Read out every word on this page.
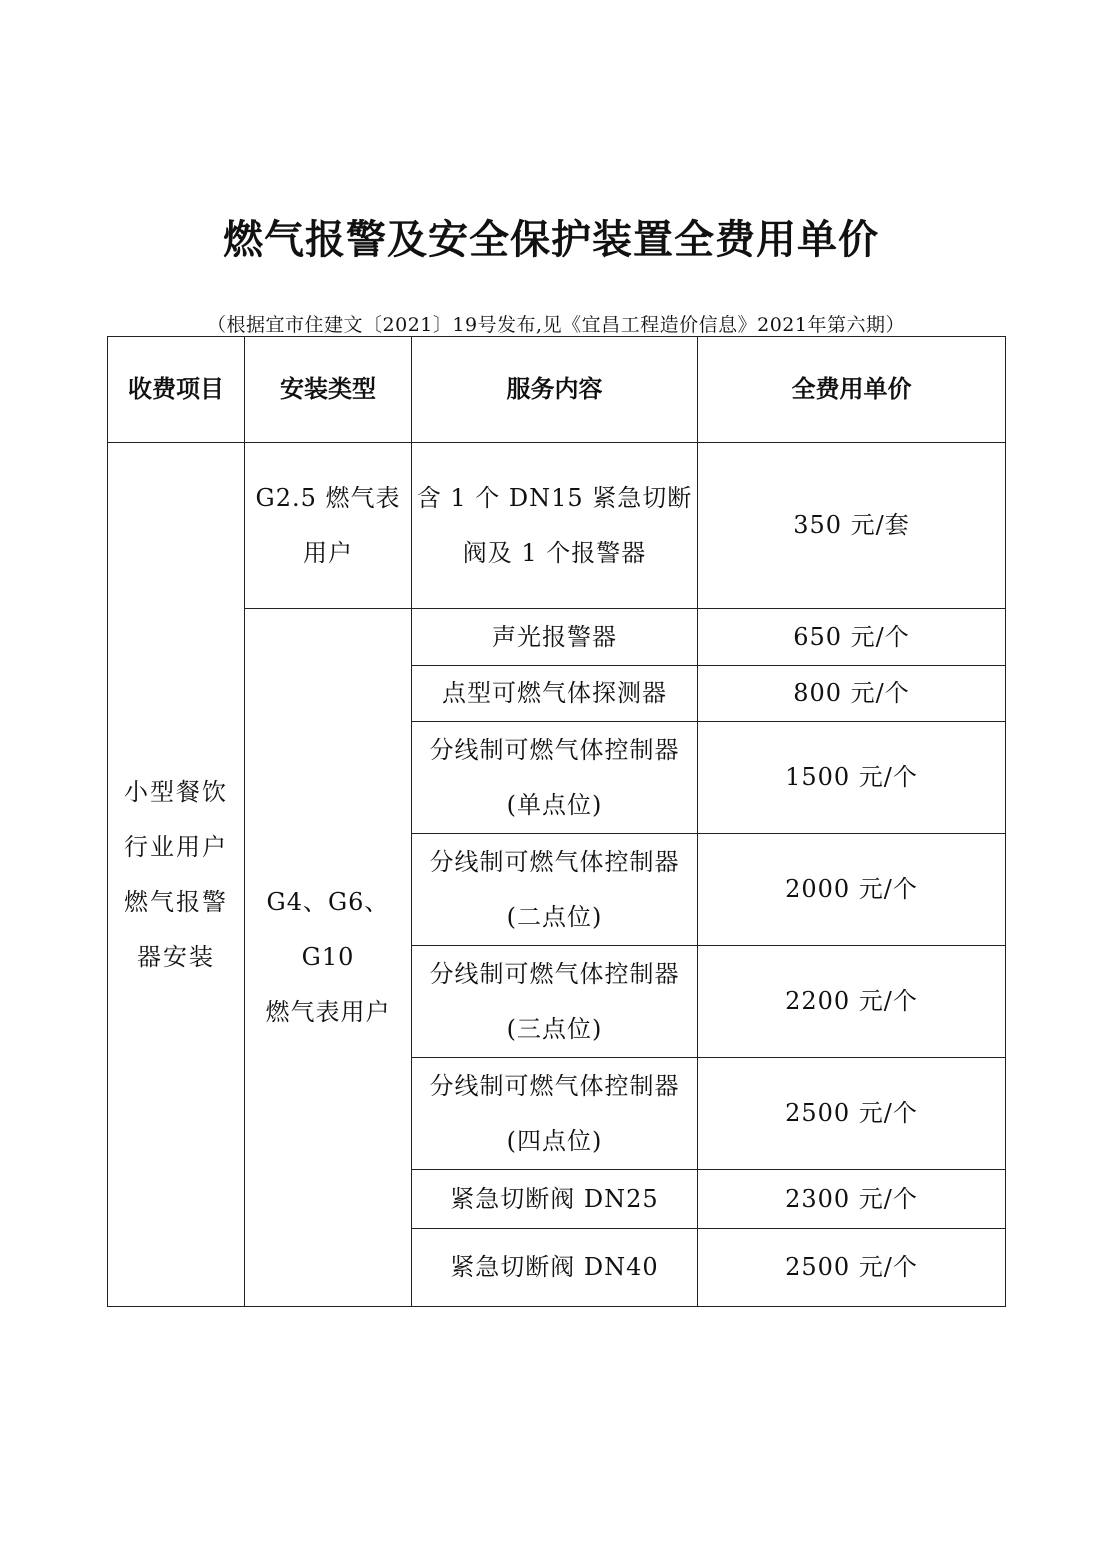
燃气报警及安全保护装置全费用单价
（根据宜市住建文〔2021〕19号发布,见《宜昌工程造价信息》2021年第六期）
收费项目	安装类型	服务内容	全费用单价
小型餐饮
行业用户
燃气报警
器安装	G2.5 燃气表
用户	含 1 个 DN15 紧急切断
阀及 1 个报警器	350 元/套
	G4、G6、G10
燃气表用户	声光报警器	650 元/个
		点型可燃气体探测器	800 元/个
		分线制可燃气体控制器
(单点位)	1500 元/个
		分线制可燃气体控制器
(二点位)	2000 元/个
		分线制可燃气体控制器
(三点位)	2200 元/个
		分线制可燃气体控制器
(四点位)	2500 元/个
		紧急切断阀 DN25	2300 元/个
		紧急切断阀 DN40	2500 元/个
